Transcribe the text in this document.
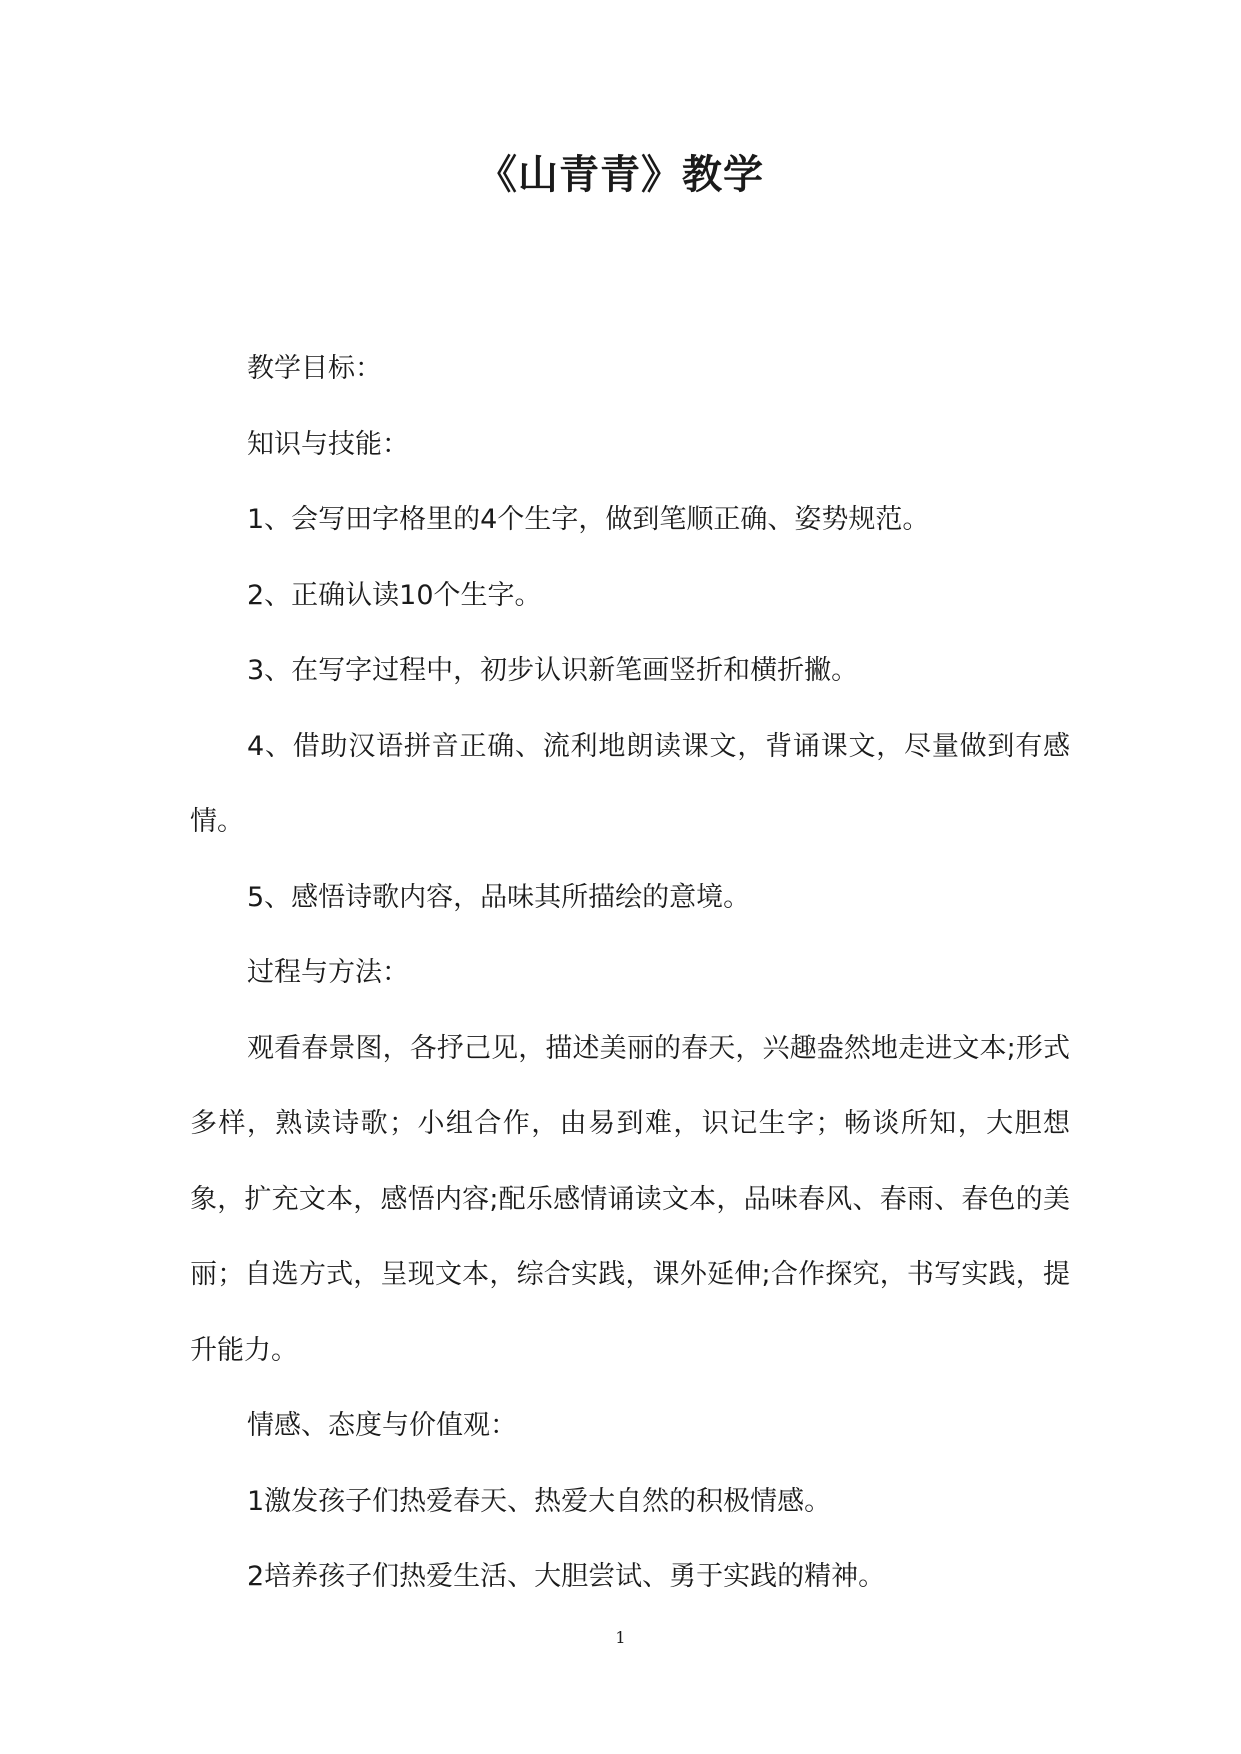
《山青青》教学

教学目标：

知识与技能：

1、会写田字格里的4个生字，做到笔顺正确、姿势规范。

2、正确认读10个生字。

3、在写字过程中，初步认识新笔画竖折和横折撇。

4、借助汉语拼音正确、流利地朗读课文，背诵课文，尽量做到有感情。

5、感悟诗歌内容，品味其所描绘的意境。

过程与方法：

观看春景图，各抒己见，描述美丽的春天，兴趣盎然地走进文本;形式多样，熟读诗歌；小组合作，由易到难，识记生字；畅谈所知，大胆想象，扩充文本，感悟内容;配乐感情诵读文本，品味春风、春雨、春色的美丽；自选方式，呈现文本，综合实践，课外延伸;合作探究，书写实践，提升能力。

情感、态度与价值观：

1激发孩子们热爱春天、热爱大自然的积极情感。

2培养孩子们热爱生活、大胆尝试、勇于实践的精神。

1
